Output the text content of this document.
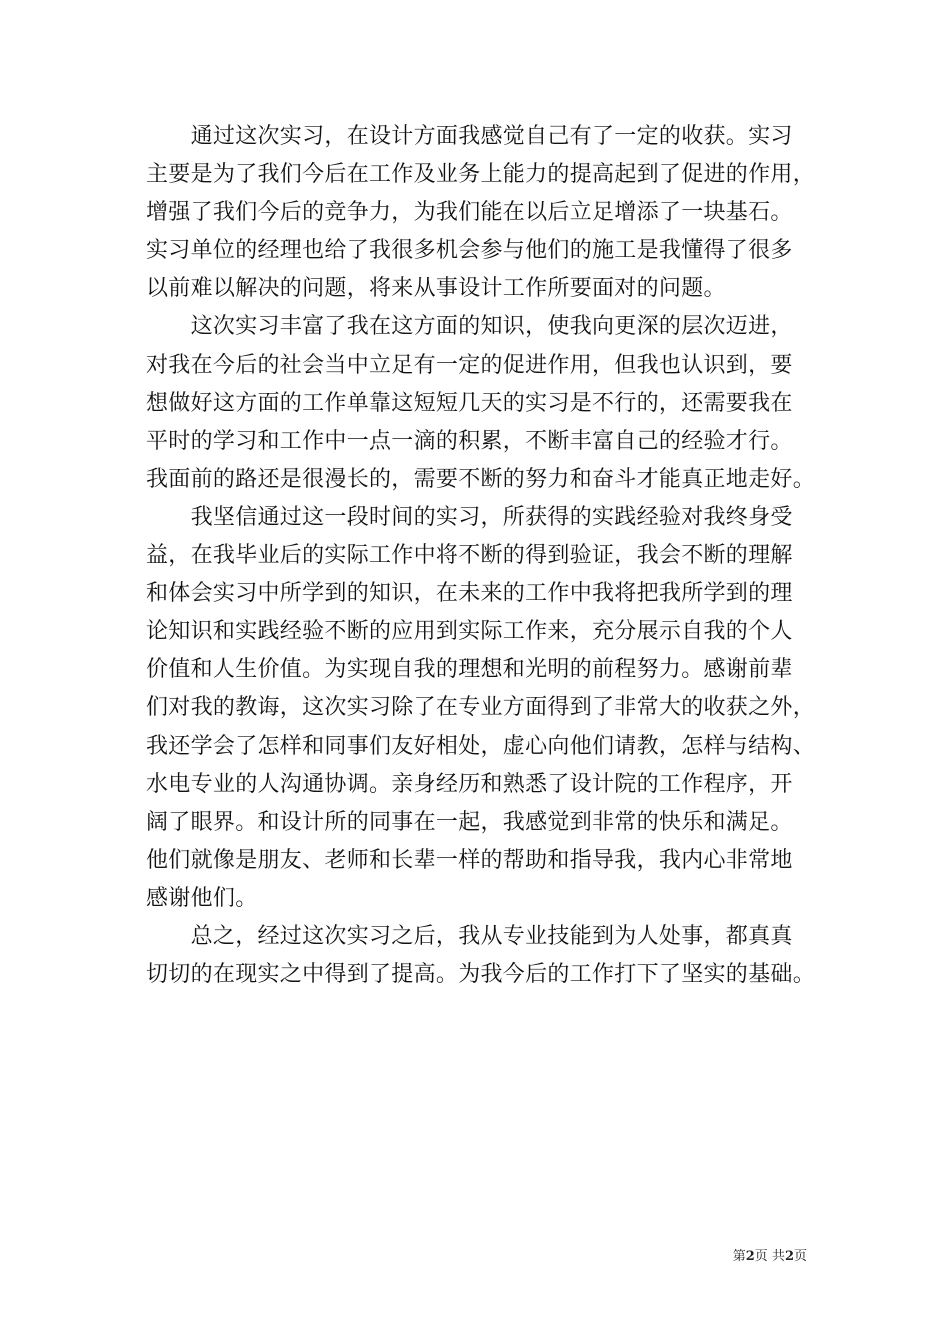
　　通过这次实习，在设计方面我感觉自己有了一定的收获。实习
主要是为了我们今后在工作及业务上能力的提高起到了促进的作用，
增强了我们今后的竞争力，为我们能在以后立足增添了一块基石。
实习单位的经理也给了我很多机会参与他们的施工是我懂得了很多
以前难以解决的问题，将来从事设计工作所要面对的问题。
　　这次实习丰富了我在这方面的知识，使我向更深的层次迈进，
对我在今后的社会当中立足有一定的促进作用，但我也认识到，要
想做好这方面的工作单靠这短短几天的实习是不行的，还需要我在
平时的学习和工作中一点一滴的积累，不断丰富自己的经验才行。
我面前的路还是很漫长的，需要不断的努力和奋斗才能真正地走好。
　　我坚信通过这一段时间的实习，所获得的实践经验对我终身受
益，在我毕业后的实际工作中将不断的得到验证，我会不断的理解
和体会实习中所学到的知识，在未来的工作中我将把我所学到的理
论知识和实践经验不断的应用到实际工作来，充分展示自我的个人
价值和人生价值。为实现自我的理想和光明的前程努力。感谢前辈
们对我的教诲，这次实习除了在专业方面得到了非常大的收获之外，
我还学会了怎样和同事们友好相处，虚心向他们请教，怎样与结构、
水电专业的人沟通协调。亲身经历和熟悉了设计院的工作程序，开
阔了眼界。和设计所的同事在一起，我感觉到非常的快乐和满足。
他们就像是朋友、老师和长辈一样的帮助和指导我，我内心非常地
感谢他们。
　　总之，经过这次实习之后，我从专业技能到为人处事，都真真
切切的在现实之中得到了提高。为我今后的工作打下了坚实的基础。
第2页 共2页
